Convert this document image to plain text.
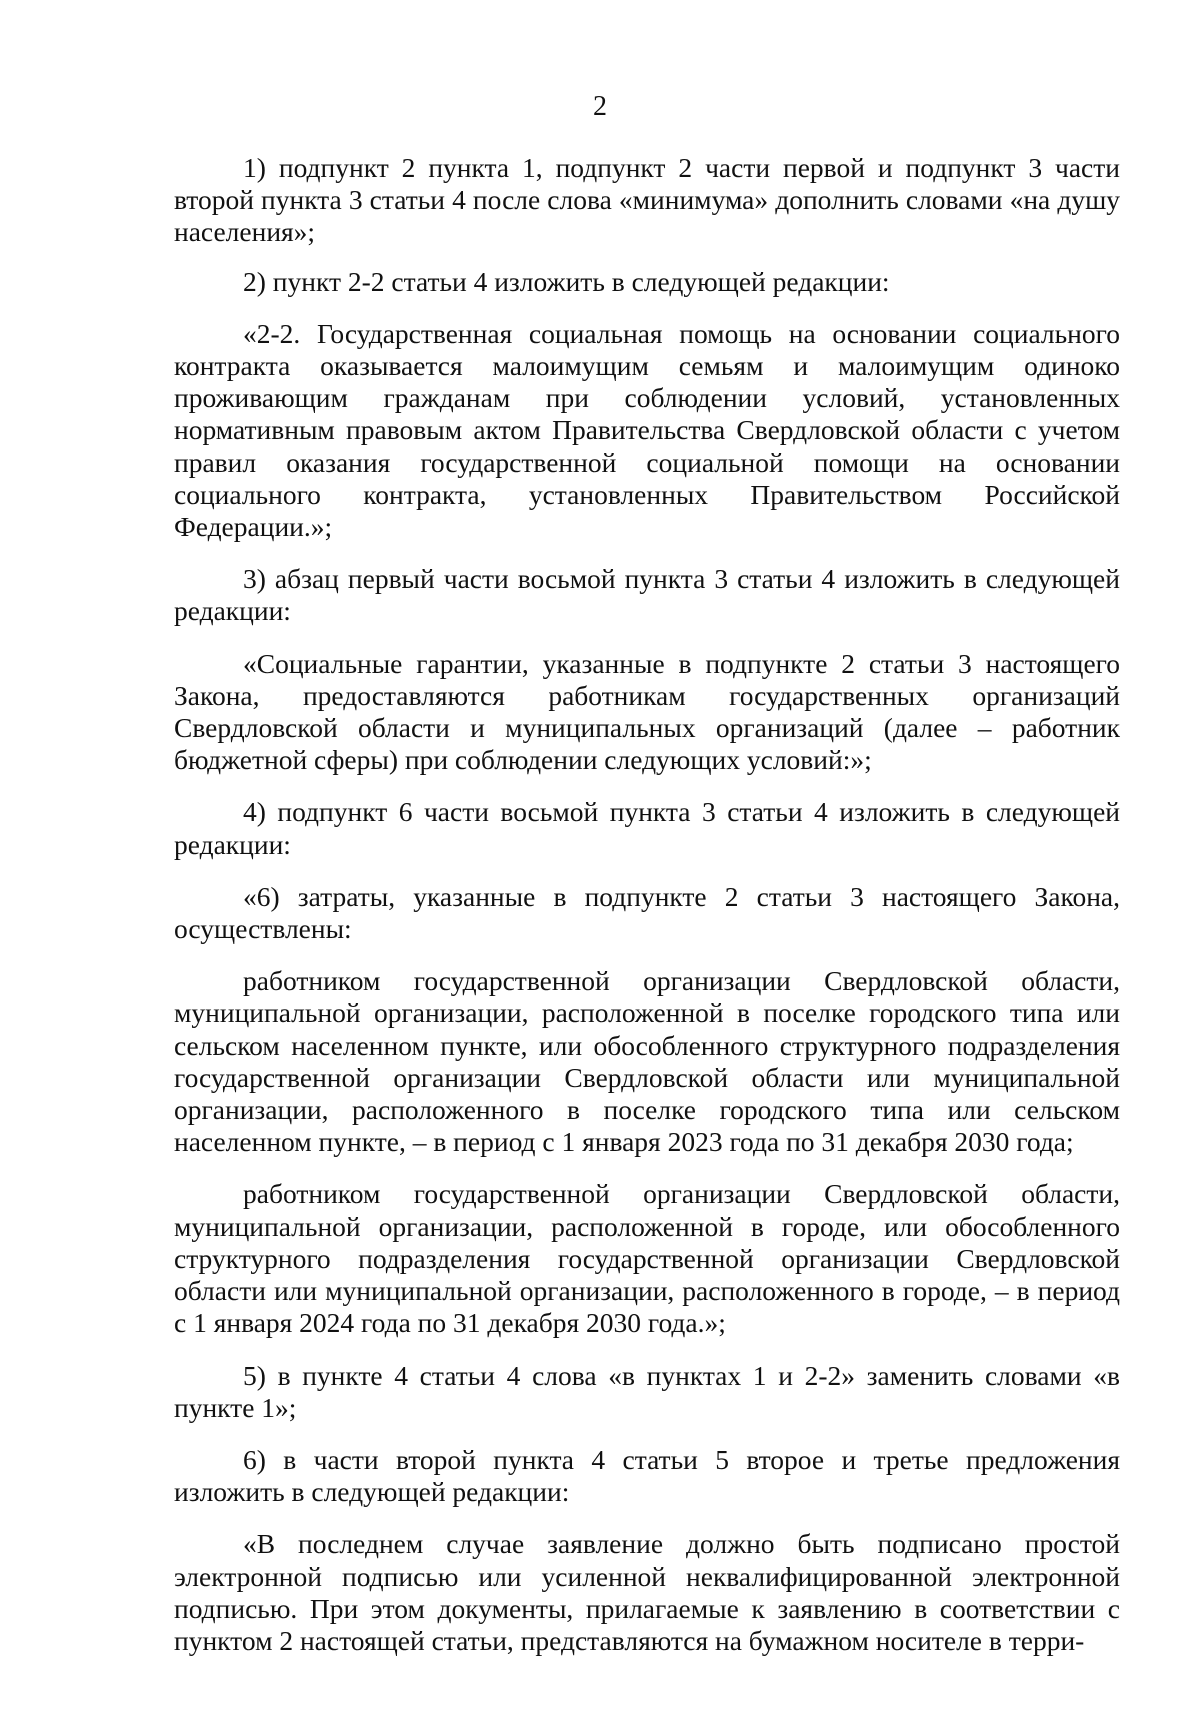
2

1) подпункт 2 пункта 1, подпункт 2 части первой и подпункт 3 части второй пункта 3 статьи 4 после слова «минимума» дополнить словами «на душу населения»;

2) пункт 2-2 статьи 4 изложить в следующей редакции:

«2-2. Государственная социальная помощь на основании социального контракта оказывается малоимущим семьям и малоимущим одиноко проживающим гражданам при соблюдении условий, установленных нормативным правовым актом Правительства Свердловской области с учетом правил оказания государственной социальной помощи на основании социального контракта, установленных Правительством Российской Федерации.»;

3) абзац первый части восьмой пункта 3 статьи 4 изложить в следующей редакции:

«Социальные гарантии, указанные в подпункте 2 статьи 3 настоящего Закона, предоставляются работникам государственных организаций Свердловской области и муниципальных организаций (далее – работник бюджетной сферы) при соблюдении следующих условий:»;

4) подпункт 6 части восьмой пункта 3 статьи 4 изложить в следующей редакции:

«6) затраты, указанные в подпункте 2 статьи 3 настоящего Закона, осуществлены:

работником государственной организации Свердловской области, муниципальной организации, расположенной в поселке городского типа или сельском населенном пункте, или обособленного структурного подразделения государственной организации Свердловской области или муниципальной организации, расположенного в поселке городского типа или сельском населенном пункте, – в период с 1 января 2023 года по 31 декабря 2030 года;

работником государственной организации Свердловской области, муниципальной организации, расположенной в городе, или обособленного структурного подразделения государственной организации Свердловской области или муниципальной организации, расположенного в городе, – в период с 1 января 2024 года по 31 декабря 2030 года.»;

5) в пункте 4 статьи 4 слова «в пунктах 1 и 2-2» заменить словами «в пункте 1»;

6) в части второй пункта 4 статьи 5 второе и третье предложения изложить в следующей редакции:

«В последнем случае заявление должно быть подписано простой электронной подписью или усиленной неквалифицированной электронной подписью. При этом документы, прилагаемые к заявлению в соответствии с пунктом 2 настоящей статьи, представляются на бумажном носителе в терри-
